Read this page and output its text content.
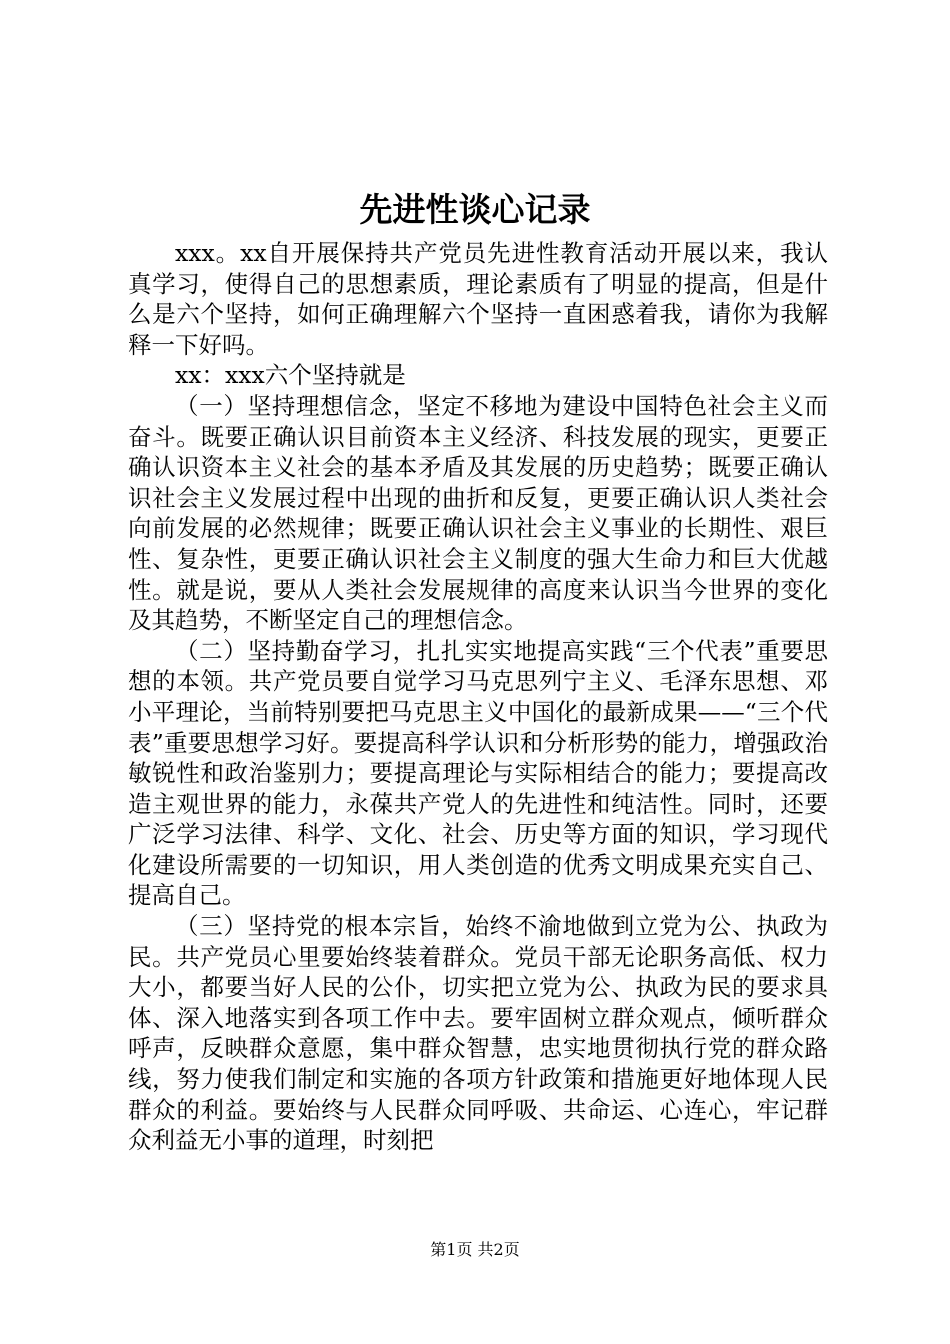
先进性谈心记录

xxx。xx自开展保持共产党员先进性教育活动开展以来，我认真学习，使得自己的思想素质，理论素质有了明显的提高，但是什么是六个坚持，如何正确理解六个坚持一直困惑着我，请你为我解释一下好吗。

xx：xxx六个坚持就是

（一）坚持理想信念，坚定不移地为建设中国特色社会主义而奋斗。既要正确认识目前资本主义经济、科技发展的现实，更要正确认识资本主义社会的基本矛盾及其发展的历史趋势；既要正确认识社会主义发展过程中出现的曲折和反复，更要正确认识人类社会向前发展的必然规律；既要正确认识社会主义事业的长期性、艰巨性、复杂性，更要正确认识社会主义制度的强大生命力和巨大优越性。就是说，要从人类社会发展规律的高度来认识当今世界的变化及其趋势，不断坚定自己的理想信念。

（二）坚持勤奋学习，扎扎实实地提高实践“三个代表”重要思想的本领。共产党员要自觉学习马克思列宁主义、毛泽东思想、邓小平理论，当前特别要把马克思主义中国化的最新成果——“三个代表”重要思想学习好。要提高科学认识和分析形势的能力，增强政治敏锐性和政治鉴别力；要提高理论与实际相结合的能力；要提高改造主观世界的能力，永葆共产党人的先进性和纯洁性。同时，还要广泛学习法律、科学、文化、社会、历史等方面的知识，学习现代化建设所需要的一切知识，用人类创造的优秀文明成果充实自己、提高自己。

（三）坚持党的根本宗旨，始终不渝地做到立党为公、执政为民。共产党员心里要始终装着群众。党员干部无论职务高低、权力大小，都要当好人民的公仆，切实把立党为公、执政为民的要求具体、深入地落实到各项工作中去。要牢固树立群众观点，倾听群众呼声，反映群众意愿，集中群众智慧，忠实地贯彻执行党的群众路线，努力使我们制定和实施的各项方针政策和措施更好地体现人民群众的利益。要始终与人民群众同呼吸、共命运、心连心，牢记群众利益无小事的道理，时刻把

第1页 共2页
